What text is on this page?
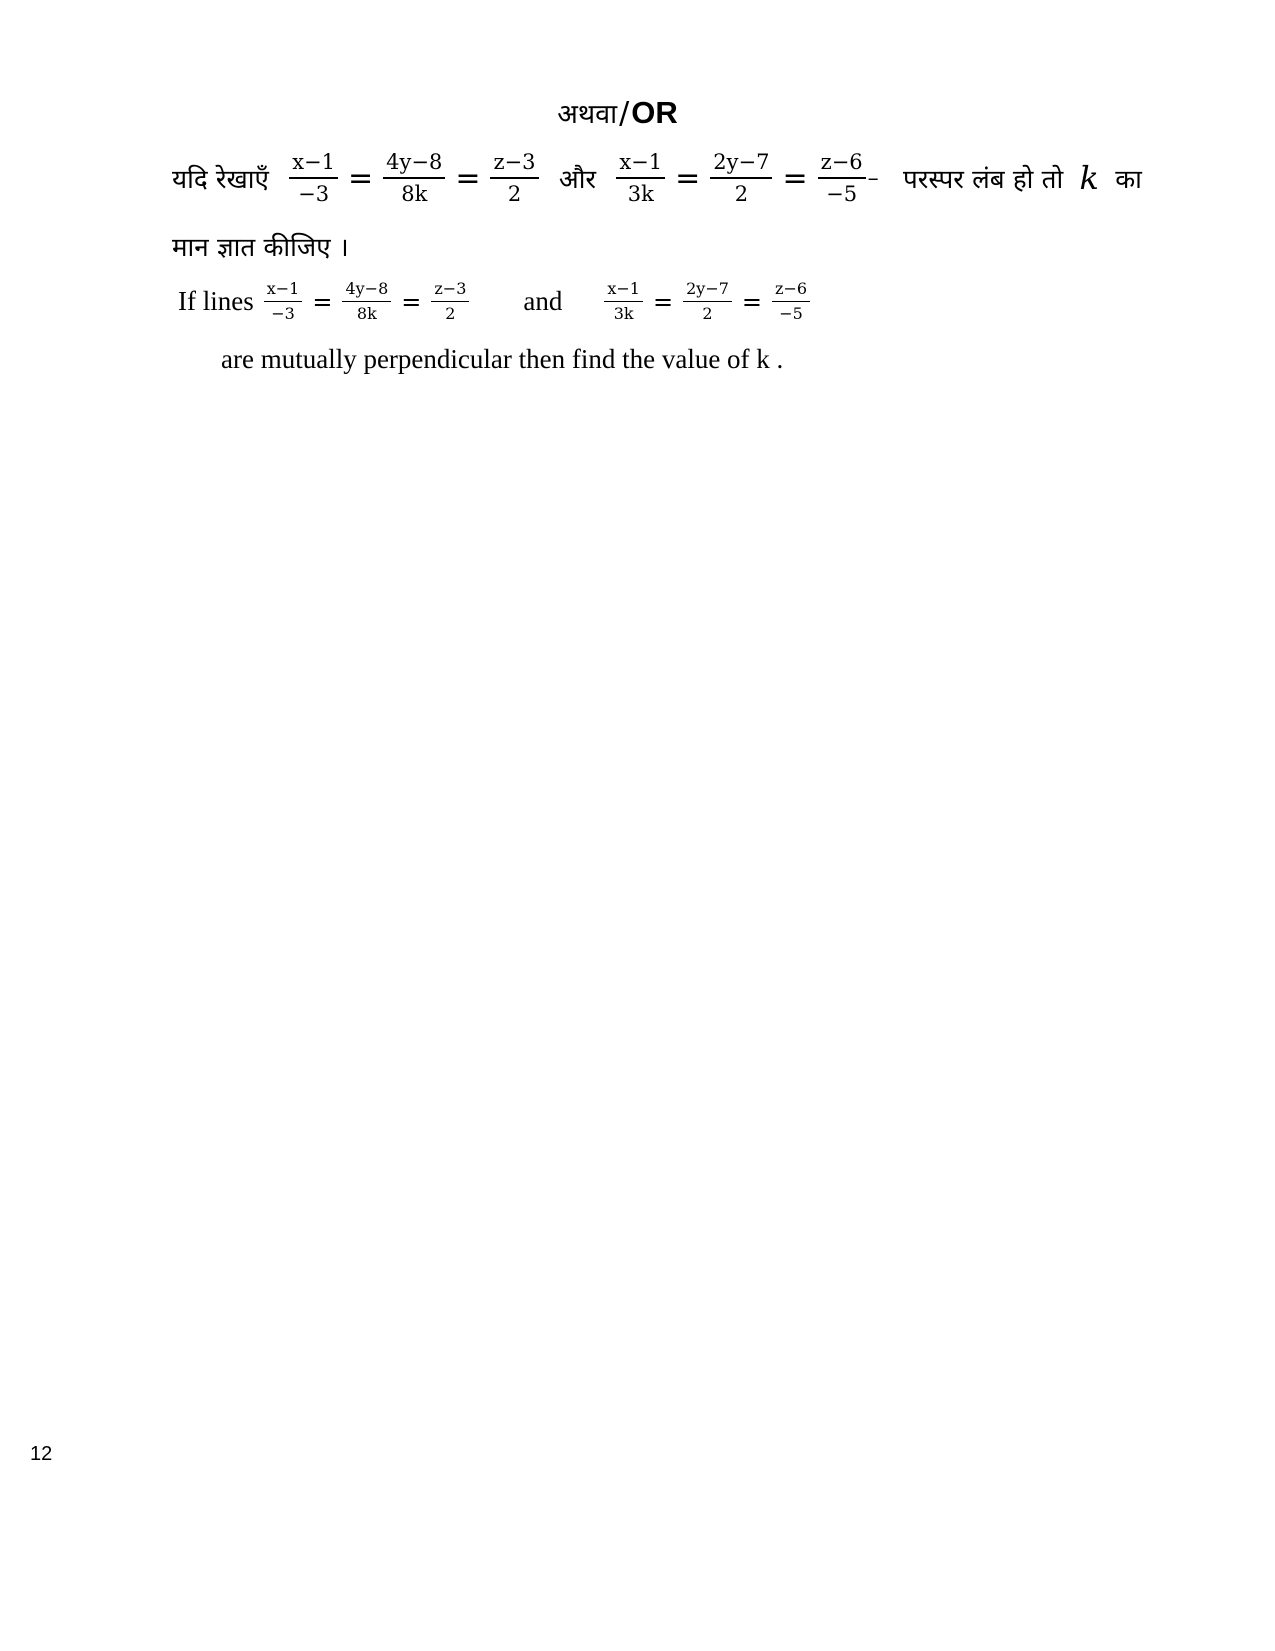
अथवा/OR
यदि रेखाएँ $\frac{x-1}{-3} = \frac{4y-8}{8k} = \frac{z-3}{2}$ और $\frac{x-1}{3k} = \frac{2y-7}{2} = \frac{z-6}{-5}$ – परस्पर लंब हो तो k का
मान ज्ञात कीजिए ।
If lines $\frac{x-1}{-3} = \frac{4y-8}{8k} = \frac{z-3}{2}$ and	$\frac{x-1}{3k} = \frac{2y-7}{2} = \frac{z-6}{-5}$
are mutually perpendicular then find the value of k .
12
